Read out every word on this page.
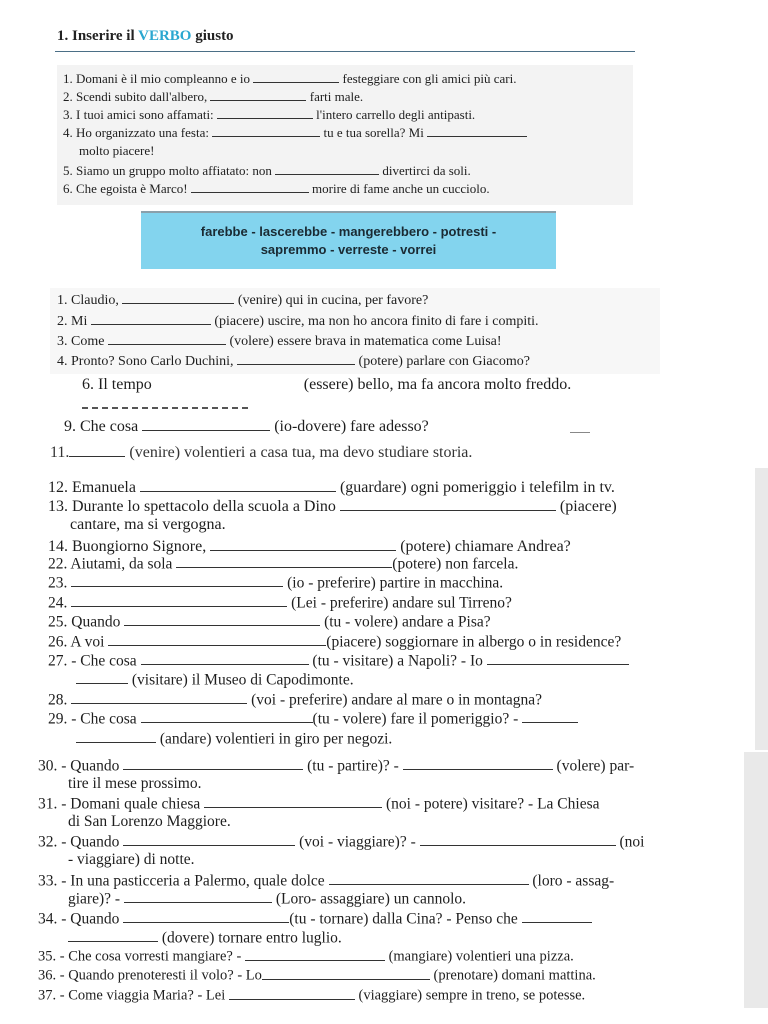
1. Inserire il VERBO giusto
1. Domani è il mio compleanno e io	festeggiare con gli amici più cari.
2. Scendi subito dall'albero,	farti male.
3. I tuoi amici sono affamati:	l'intero carrello degli antipasti.
4. Ho organizzato una festa:	tu e tua sorella? Mi
molto piacere!
5. Siamo un gruppo molto affiatato: non	divertirci da soli.
6. Che egoista è Marco!	morire di fame anche un cucciolo.
farebbe - lascerebbe - mangerebbero - potresti -
sapremmo - verreste - vorrei
1. Claudio,	(venire) qui in cucina, per favore?
2. Mi	(piacere) uscire, ma non ho ancora finito di fare i compiti.
3. Come	(volere) essere brava in matematica come Luisa!
4. Pronto? Sono Carlo Duchini,	(potere) parlare con Giacomo?
6. Il tempo	(essere) bello, ma fa ancora molto freddo.
9. Che cosa	(io-dovere) fare adesso?
11.	(venire) volentieri a casa tua, ma devo studiare storia.
12. Emanuela	(guardare) ogni pomeriggio i telefilm in tv.
13. Durante lo spettacolo della scuola a Dino	(piacere)
cantare, ma si vergogna.
14. Buongiorno Signore,	(potere) chiamare Andrea?
22. Aiutami, da sola	(potere) non farcela.
23.	(io - preferire) partire in macchina.
24.	(Lei - preferire) andare sul Tirreno?
25. Quando	(tu - volere) andare a Pisa?
26. A voi	(piacere) soggiornare in albergo o in residence?
27. - Che cosa	(tu - visitare) a Napoli? - Io
(visitare) il Museo di Capodimonte.
28.	(voi - preferire) andare al mare o in montagna?
29. - Che cosa	(tu - volere) fare il pomeriggio? -
(andare) volentieri in giro per negozi.
30. - Quando	(tu - partire)? -	(volere) par-
tire il mese prossimo.
31. - Domani quale chiesa	(noi - potere) visitare? - La Chiesa
di San Lorenzo Maggiore.
32. - Quando	(voi - viaggiare)? -	(noi
- viaggiare) di notte.
33. - In una pasticceria a Palermo, quale dolce	(loro - assag-
giare)? -	(Loro- assaggiare) un cannolo.
34. - Quando	(tu - tornare) dalla Cina? - Penso che
(dovere) tornare entro luglio.
35. - Che cosa vorresti mangiare? -	(mangiare) volentieri una pizza.
36. - Quando prenoteresti il volo? - Lo	(prenotare) domani mattina.
37. - Come viaggia Maria? - Lei	(viaggiare) sempre in treno, se potesse.
